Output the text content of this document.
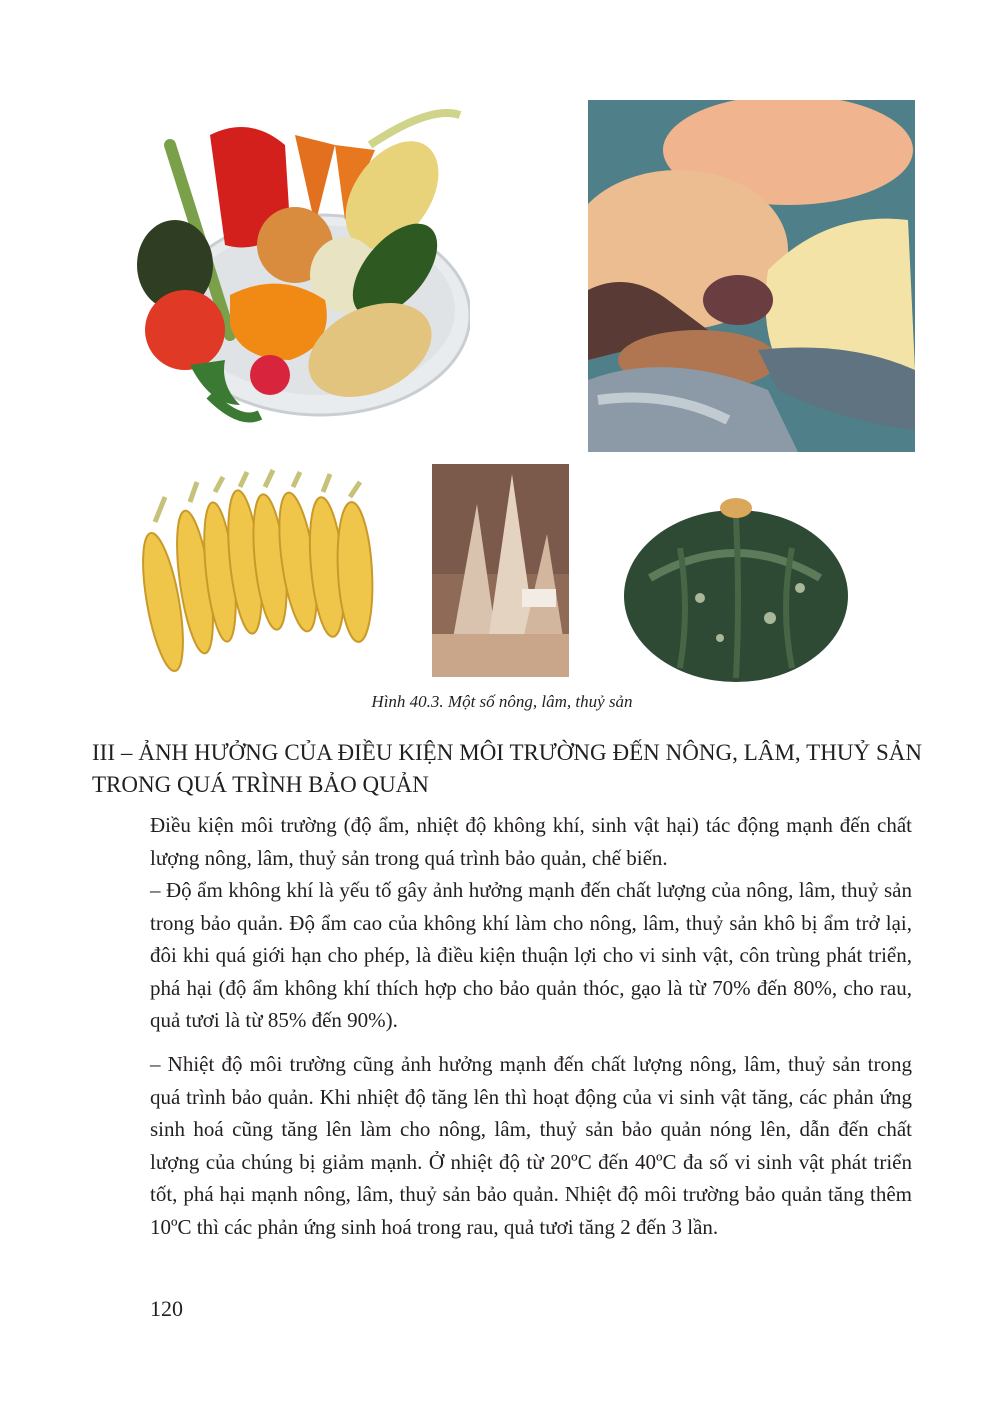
Hình 40.3. Một số nông, lâm, thuỷ sản
III – ẢNH HƯỞNG CỦA ĐIỀU KIỆN MÔI TRƯỜNG ĐẾN NÔNG, LÂM, THUỶ SẢN TRONG QUÁ TRÌNH BẢO QUẢN

Điều kiện môi trường (độ ẩm, nhiệt độ không khí, sinh vật hại) tác động mạnh đến chất lượng nông, lâm, thuỷ sản trong quá trình bảo quản, chế biến.

– Độ ẩm không khí là yếu tố gây ảnh hưởng mạnh đến chất lượng của nông, lâm, thuỷ sản trong bảo quản. Độ ẩm cao của không khí làm cho nông, lâm, thuỷ sản khô bị ẩm trở lại, đôi khi quá giới hạn cho phép, là điều kiện thuận lợi cho vi sinh vật, côn trùng phát triển, phá hại (độ ẩm không khí thích hợp cho bảo quản thóc, gạo là từ 70% đến 80%, cho rau, quả tươi là từ 85% đến 90%).

– Nhiệt độ môi trường cũng ảnh hưởng mạnh đến chất lượng nông, lâm, thuỷ sản trong quá trình bảo quản. Khi nhiệt độ tăng lên thì hoạt động của vi sinh vật tăng, các phản ứng sinh hoá cũng tăng lên làm cho nông, lâm, thuỷ sản bảo quản nóng lên, dẫn đến chất lượng của chúng bị giảm mạnh. Ở nhiệt độ từ 20ºC đến 40ºC đa số vi sinh vật phát triển tốt, phá hại mạnh nông, lâm, thuỷ sản bảo quản. Nhiệt độ môi trường bảo quản tăng thêm 10ºC thì các phản ứng sinh hoá trong rau, quả tươi tăng 2 đến 3 lần.

120
